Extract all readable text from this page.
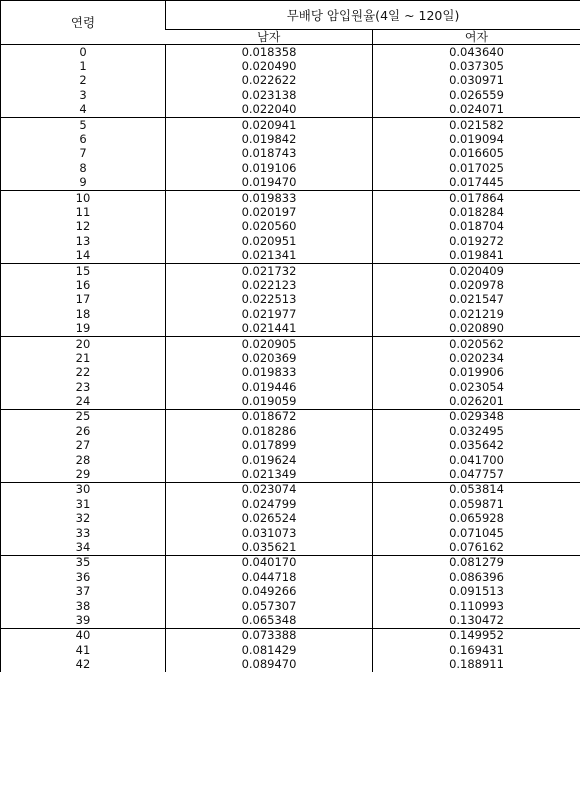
연령	무배당 암입원율(4일 ~ 120일)	
	남자	여자
0	0.018358	0.043640
1	0.020490	0.037305
2	0.022622	0.030971
3	0.023138	0.026559
4	0.022040	0.024071
5	0.020941	0.021582
6	0.019842	0.019094
7	0.018743	0.016605
8	0.019106	0.017025
9	0.019470	0.017445
10	0.019833	0.017864
11	0.020197	0.018284
12	0.020560	0.018704
13	0.020951	0.019272
14	0.021341	0.019841
15	0.021732	0.020409
16	0.022123	0.020978
17	0.022513	0.021547
18	0.021977	0.021219
19	0.021441	0.020890
20	0.020905	0.020562
21	0.020369	0.020234
22	0.019833	0.019906
23	0.019446	0.023054
24	0.019059	0.026201
25	0.018672	0.029348
26	0.018286	0.032495
27	0.017899	0.035642
28	0.019624	0.041700
29	0.021349	0.047757
30	0.023074	0.053814
31	0.024799	0.059871
32	0.026524	0.065928
33	0.031073	0.071045
34	0.035621	0.076162
35	0.040170	0.081279
36	0.044718	0.086396
37	0.049266	0.091513
38	0.057307	0.110993
39	0.065348	0.130472
40	0.073388	0.149952
41	0.081429	0.169431
42	0.089470	0.188911
